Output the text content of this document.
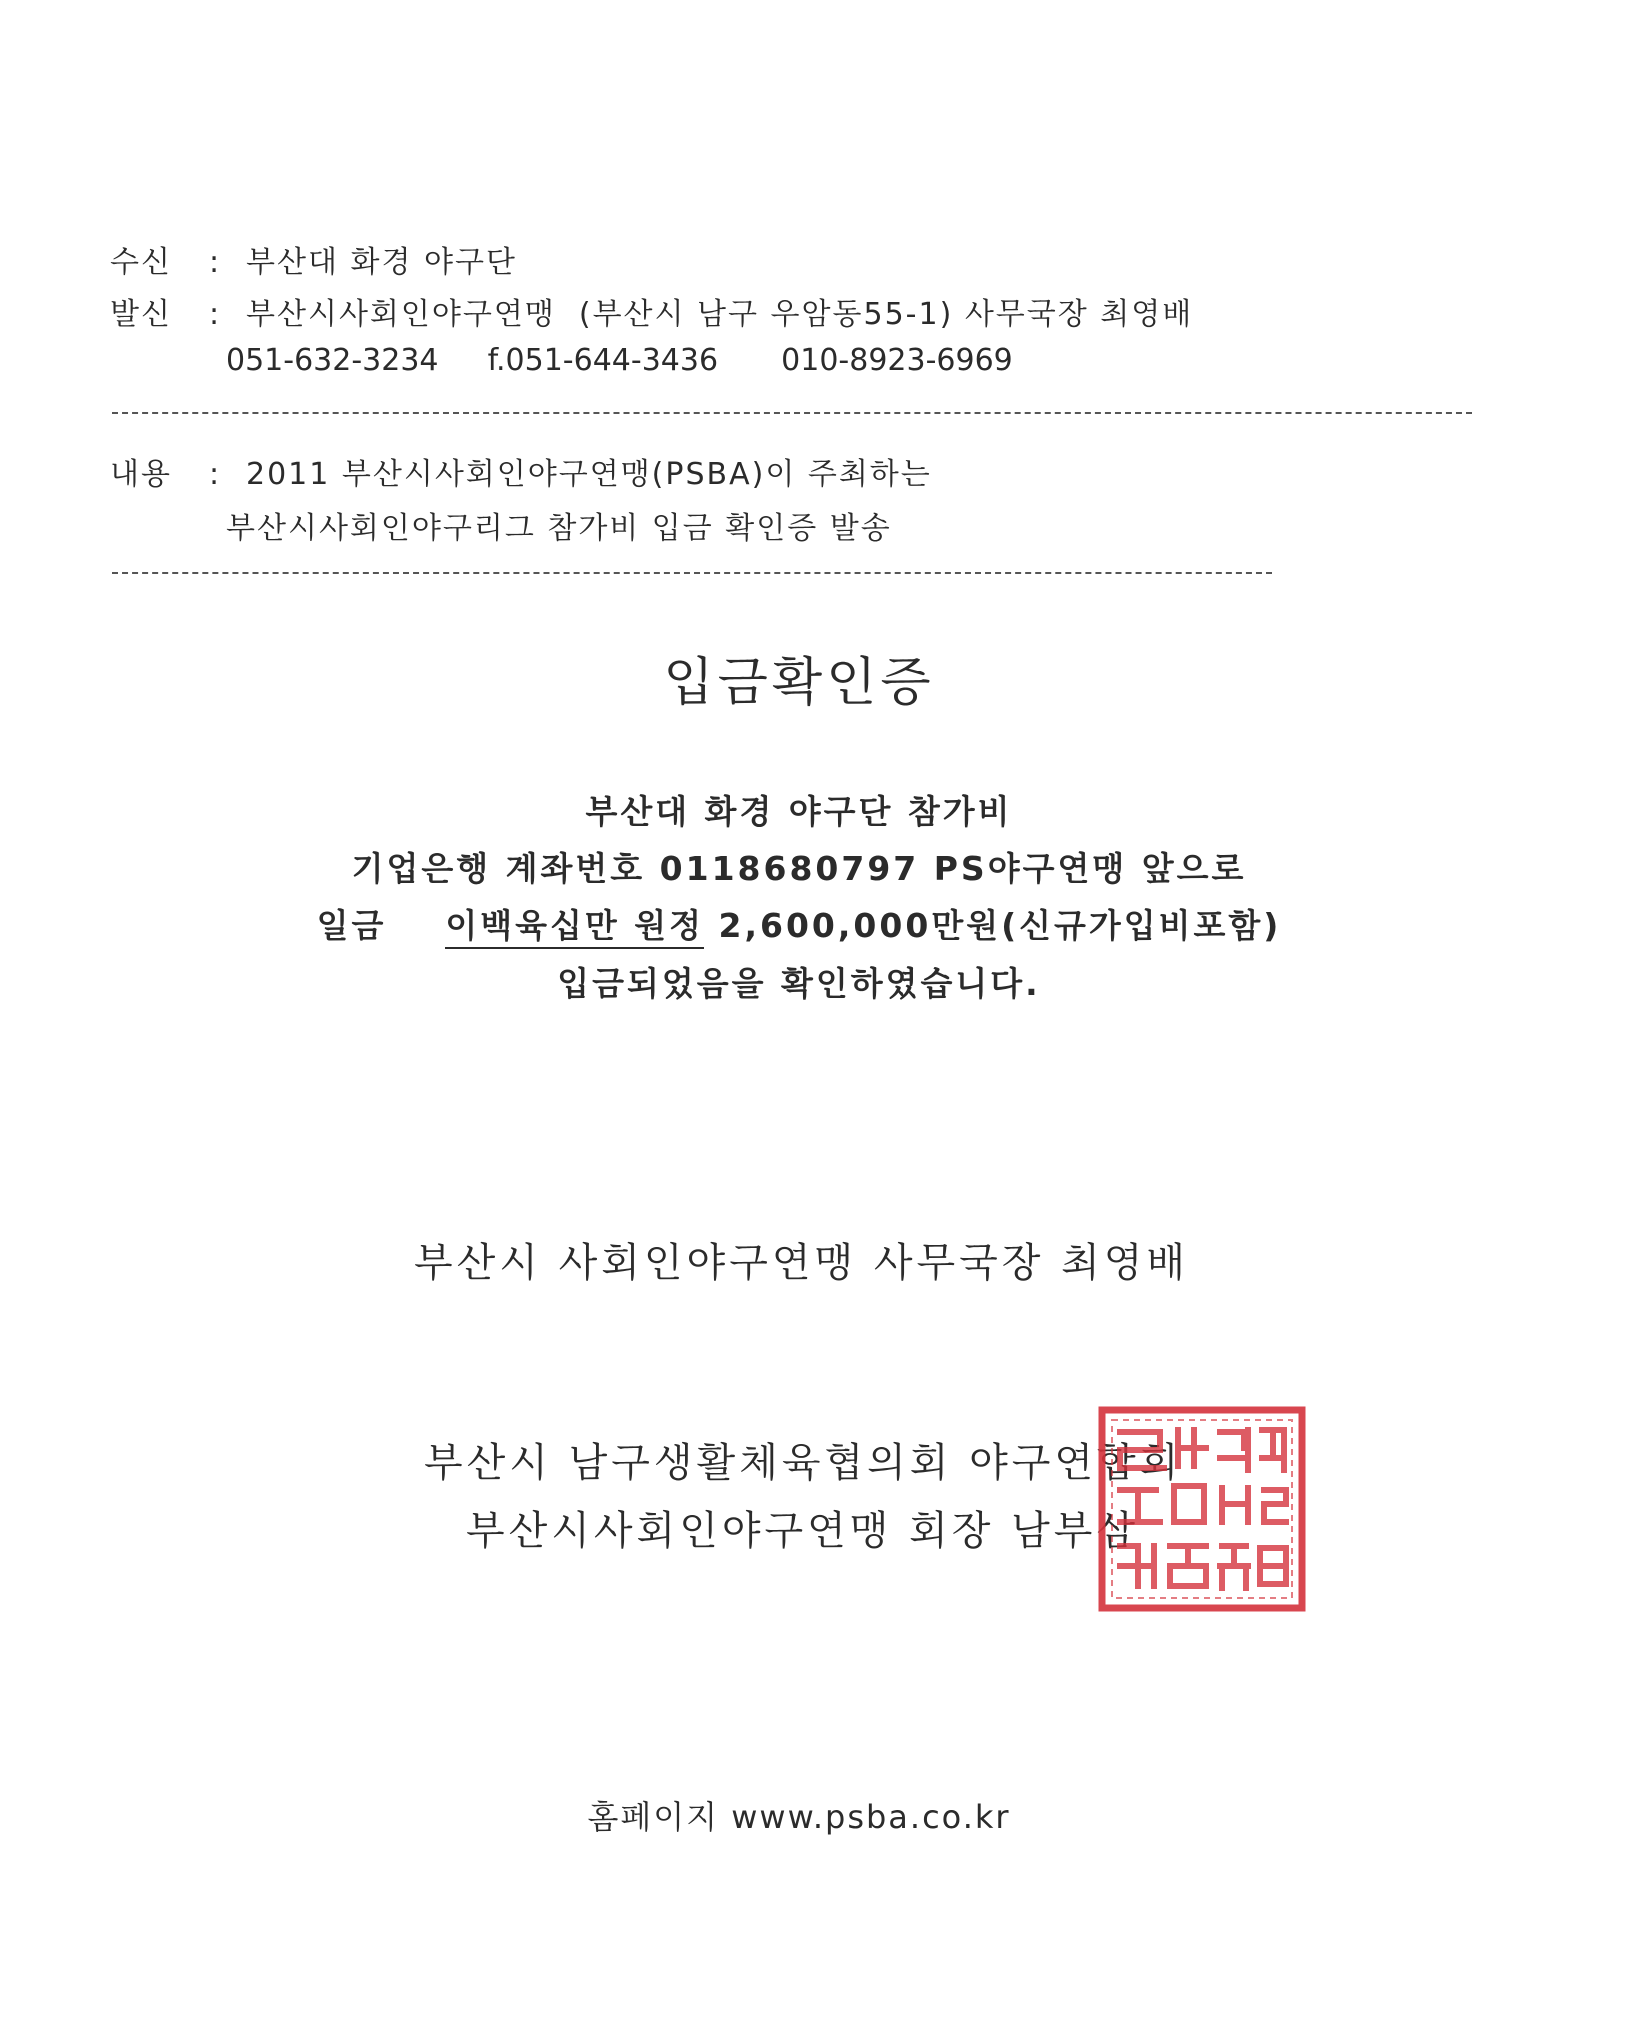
수신 : 부산대 화경 야구단
발신 : 부산시사회인야구연맹  (부산시 남구 우암동55-1) 사무국장 최영배
051-632-3234 f.051-644-3436 010-8923-6969
내용 : 2011 부산시사회인야구연맹(PSBA)이 주최하는
부산시사회인야구리그 참가비 입금 확인증 발송
입금확인증
부산대 화경 야구단 참가비
기업은행 계좌번호 0118680797 PS야구연맹 앞으로
일금 이백육십만 원정 2,600,000만원(신규가입비포함)
입금되었음을 확인하였습니다.
부산시 사회인야구연맹 사무국장 최영배
부산시 남구생활체육협의회 야구연합회
부산시사회인야구연맹 회장 남부삼
홈페이지 www.psba.co.kr
